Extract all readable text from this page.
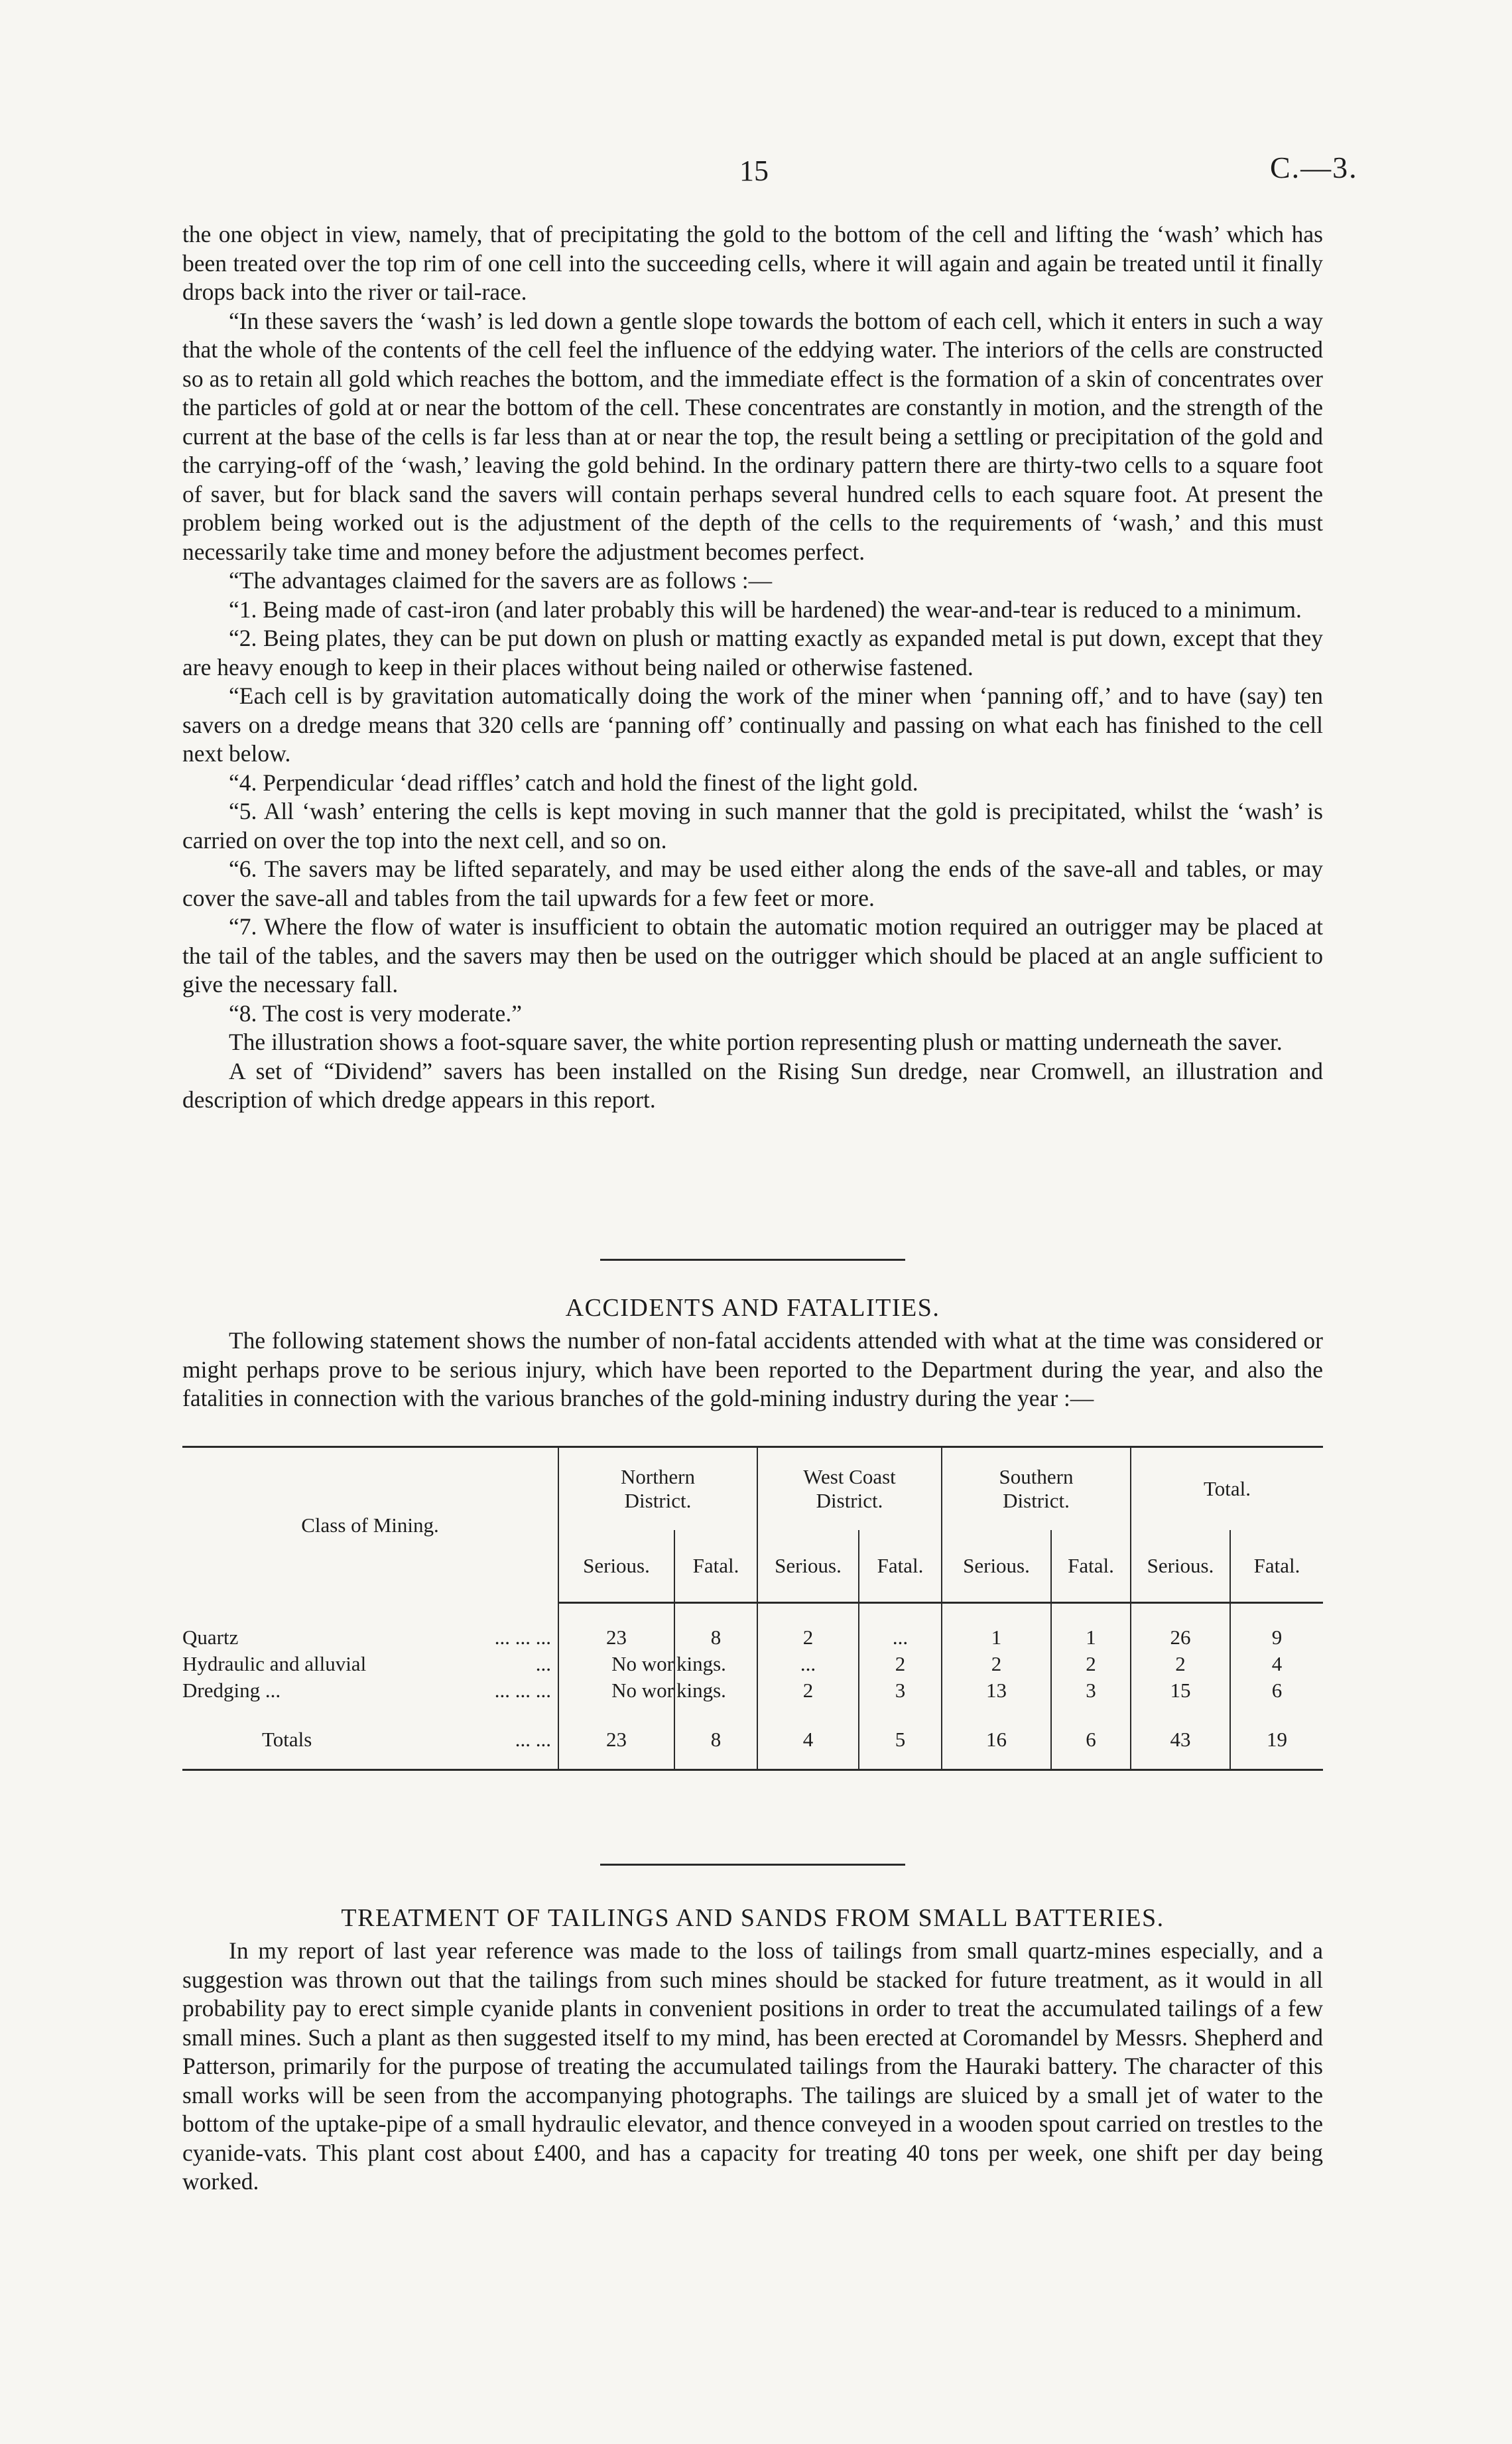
15	C.—3.

the one object in view, namely, that of precipitating the gold to the bottom of the cell and lifting the ‘wash’ which has been treated over the top rim of one cell into the succeeding cells, where it will again and again be treated until it finally drops back into the river or tail-race.

“In these savers the ‘wash’ is led down a gentle slope towards the bottom of each cell, which it enters in such a way that the whole of the contents of the cell feel the influence of the eddying water. The interiors of the cells are constructed so as to retain all gold which reaches the bottom, and the immediate effect is the formation of a skin of concentrates over the particles of gold at or near the bottom of the cell. These concentrates are constantly in motion, and the strength of the current at the base of the cells is far less than at or near the top, the result being a settling or precipitation of the gold and the carrying-off of the ‘wash,’ leaving the gold behind. In the ordinary pattern there are thirty-two cells to a square foot of saver, but for black sand the savers will contain perhaps several hundred cells to each square foot. At present the problem being worked out is the adjustment of the depth of the cells to the requirements of ‘wash,’ and this must necessarily take time and money before the adjustment becomes perfect.

“The advantages claimed for the savers are as follows :—

“1. Being made of cast-iron (and later probably this will be hardened) the wear-and-tear is reduced to a minimum.

“2. Being plates, they can be put down on plush or matting exactly as expanded metal is put down, except that they are heavy enough to keep in their places without being nailed or otherwise fastened.

“Each cell is by gravitation automatically doing the work of the miner when ‘panning off,’ and to have (say) ten savers on a dredge means that 320 cells are ‘panning off’ continually and passing on what each has finished to the cell next below.

“4. Perpendicular ‘dead riffles’ catch and hold the finest of the light gold.

“5. All ‘wash’ entering the cells is kept moving in such manner that the gold is precipitated, whilst the ‘wash’ is carried on over the top into the next cell, and so on.

“6. The savers may be lifted separately, and may be used either along the ends of the save-all and tables, or may cover the save-all and tables from the tail upwards for a few feet or more.

“7. Where the flow of water is insufficient to obtain the automatic motion required an outrigger may be placed at the tail of the tables, and the savers may then be used on the outrigger which should be placed at an angle sufficient to give the necessary fall.

“8. The cost is very moderate.”

The illustration shows a foot-square saver, the white portion representing plush or matting underneath the saver.

A set of “Dividend” savers has been installed on the Rising Sun dredge, near Cromwell, an illustration and description of which dredge appears in this report.

ACCIDENTS AND FATALITIES.

The following statement shows the number of non-fatal accidents attended with what at the time was considered or might perhaps prove to be serious injury, which have been reported to the Department during the year, and also the fatalities in connection with the various branches of the gold-mining industry during the year :—

Class of Mining.	Northern District.		West Coast District.		Southern District.		Total.	
	Serious.	Fatal.	Serious.	Fatal.	Serious.	Fatal.	Serious.	Fatal.

Quartz ... ... ...	23	8	2	...	1	1	26	9
Hydraulic and alluvial ...	No wor	kings.	...	2	2	2	2	4
Dredging ... ... ... ...	No wor	kings.	2	3	13	3	15	6

Totals ... ...	23	8	4	5	16	6	43	19
TREATMENT OF TAILINGS AND SANDS FROM SMALL BATTERIES.

In my report of last year reference was made to the loss of tailings from small quartz-mines especially, and a suggestion was thrown out that the tailings from such mines should be stacked for future treatment, as it would in all probability pay to erect simple cyanide plants in convenient positions in order to treat the accumulated tailings of a few small mines. Such a plant as then suggested itself to my mind, has been erected at Coromandel by Messrs. Shepherd and Patterson, primarily for the purpose of treating the accumulated tailings from the Hauraki battery. The character of this small works will be seen from the accompanying photographs. The tailings are sluiced by a small jet of water to the bottom of the uptake-pipe of a small hydraulic elevator, and thence conveyed in a wooden spout carried on trestles to the cyanide-vats. This plant cost about £400, and has a capacity for treating 40 tons per week, one shift per day being worked.
